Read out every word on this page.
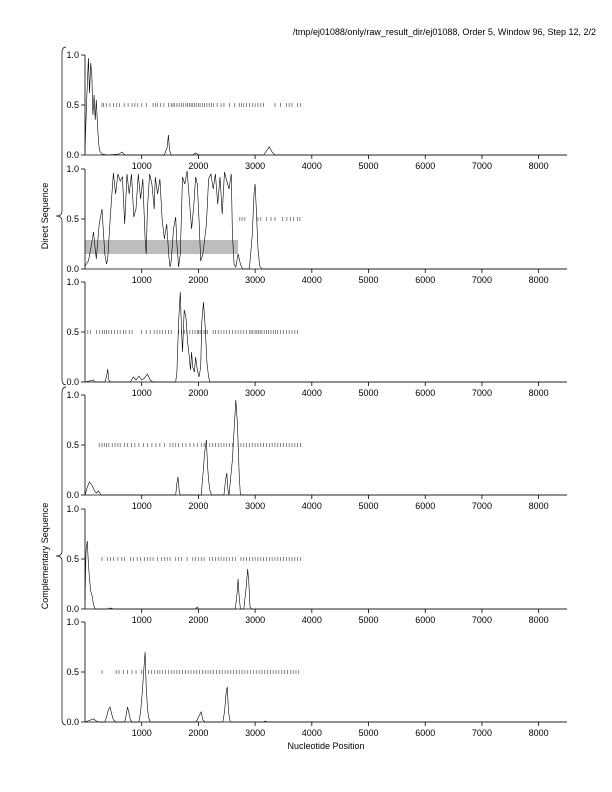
/tmp/ej01088/only/raw_result_dir/ej01088, Order 5, Window 96, Step 12, 2/2
Nucleotide Position
Direct Sequence
Complementary Sequence
0.0
0.5
1.0
1000	2000	3000	4000	5000	6000	7000	8000
0.0
0.5
1.0
1000	2000	3000	4000	5000	6000	7000	8000
0.0
0.5
1.0
1000	2000	3000	4000	5000	6000	7000	8000
0.0
0.5
1.0
1000	2000	3000	4000	5000	6000	7000	8000
0.0
0.5
1.0
1000	2000	3000	4000	5000	6000	7000	8000
0.0
0.5
1.0
1000	2000	3000	4000	5000	6000	7000	8000
